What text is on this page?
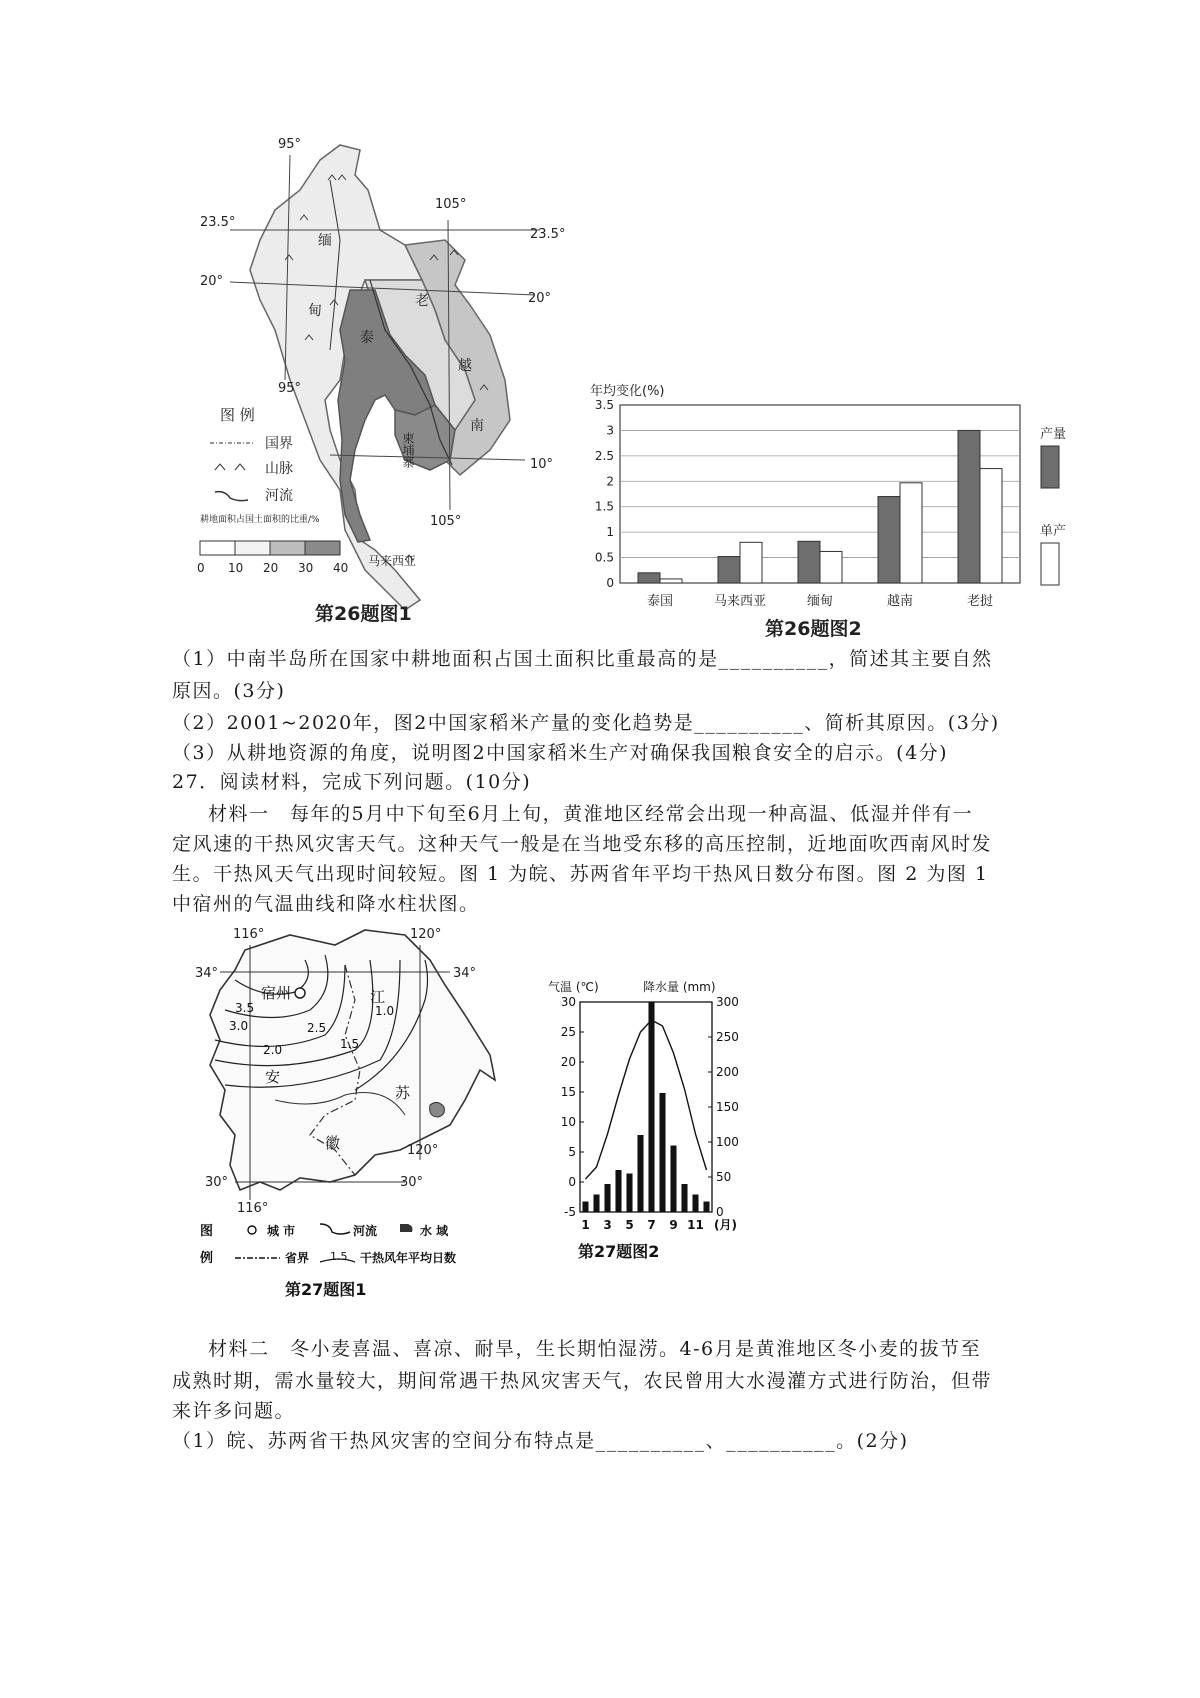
95°
105°
23.5°
23.5°
20°
20°
95°
10°
105°
缅
甸
泰
老
越
南
柬埔寨
马来西亚
图 例
国界
山脉
河流
耕地面积占国土面积的比重/%
0 10 20 30 40
第26题图1
年均变化(%)
0
0.5
1
1.5
2
2.5
3
3.5
泰国	马来西亚	缅甸	越南	老挝
产量
单产
第26题图2
（1）中南半岛所在国家中耕地面积占国土面积比重最高的是__________，简述其主要自然
原因。(3分)
（2）2001~2020年，图2中国家稻米产量的变化趋势是__________、简析其原因。(3分)
（3）从耕地资源的角度，说明图2中国家稻米生产对确保我国粮食安全的启示。(4分)
27．阅读材料，完成下列问题。(10分)
材料一　每年的5月中下旬至6月上旬，黄淮地区经常会出现一种高温、低湿并伴有一
定风速的干热风灾害天气。这种天气一般是在当地受东移的高压控制，近地面吹西南风时发
生。干热风天气出现时间较短。图 1 为皖、苏两省年平均干热风日数分布图。图 2 为图 1
中宿州的气温曲线和降水柱状图。
116°	120°
34°	34°
120°
30°	30°
116°
3.5
3.0	2.5
2.0	1.5
1.0
宿州	江
苏
安
徽
图
例
城 市	河流	水 域
省界 1.5 干热风年平均日数
第27题图1
气温 (℃)	降水量 (mm)
-5
0
5
10
15
20
25
30
0
50
100
150
200
250
300
1 3 5 7 9 11 (月)
第27题图2
材料二　冬小麦喜温、喜凉、耐旱，生长期怕湿涝。4-6月是黄淮地区冬小麦的拔节至
成熟时期，需水量较大，期间常遇干热风灾害天气，农民曾用大水漫灌方式进行防治，但带
来许多问题。
（1）皖、苏两省干热风灾害的空间分布特点是__________、__________。(2分)
